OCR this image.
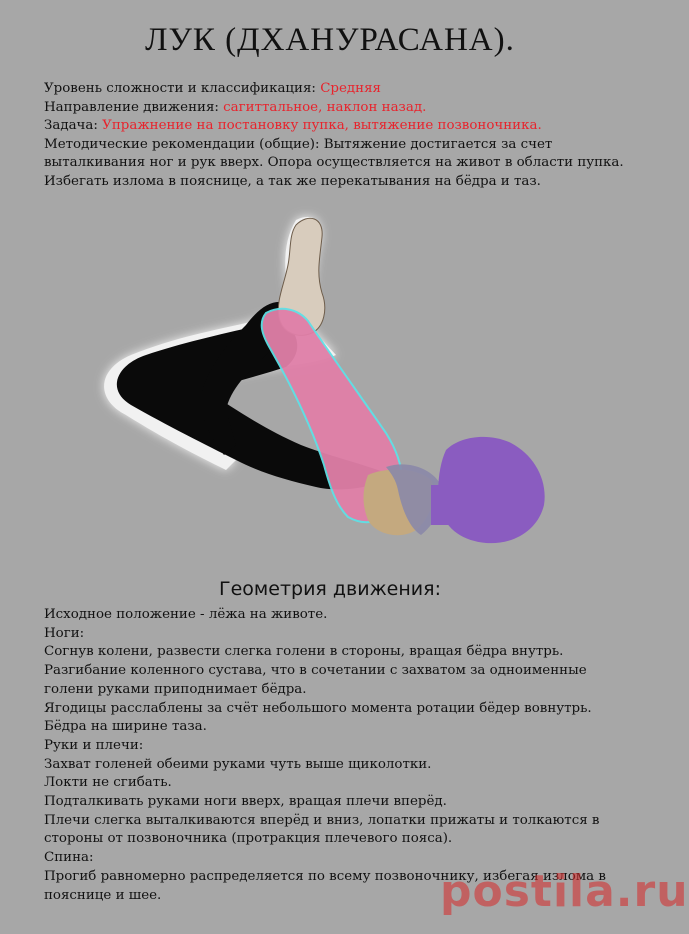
ЛУК (ДХАНУРАСАНА).
Уровень сложности и классификация: Средняя
Направление движения: сагиттальное, наклон назад.
Задача: Упражнение на постановку пупка, вытяжение позвоночника.
Методические рекомендации (общие): Вытяжение достигается за счет выталкивания ног и рук вверх. Опора осуществляется на живот в области пупка. Избегать излома в пояснице, а так же перекатывания на бёдра и таз.
Геометрия движения:
Исходное положение - лёжа на животе.
Ноги:
Согнув колени, развести слегка голени в стороны, вращая бёдра внутрь.
Разгибание коленного сустава, что в сочетании с захватом за одноименные голени руками приподнимает бёдра.
Ягодицы расслаблены за счёт небольшого момента ротации бёдер вовнутрь.
Бёдра на ширине таза.
Руки и плечи:
Захват голеней обеими руками чуть выше щиколотки.
Локти не сгибать.
Подталкивать руками ноги вверх, вращая плечи вперёд.
Плечи слегка выталкиваются вперёд и вниз, лопатки прижаты и толкаются в стороны от позвоночника (протракция плечевого пояса).
Спина:
Прогиб равномерно распределяется по всему позвоночнику, избегая излома в пояснице и шее.	postila.ru
